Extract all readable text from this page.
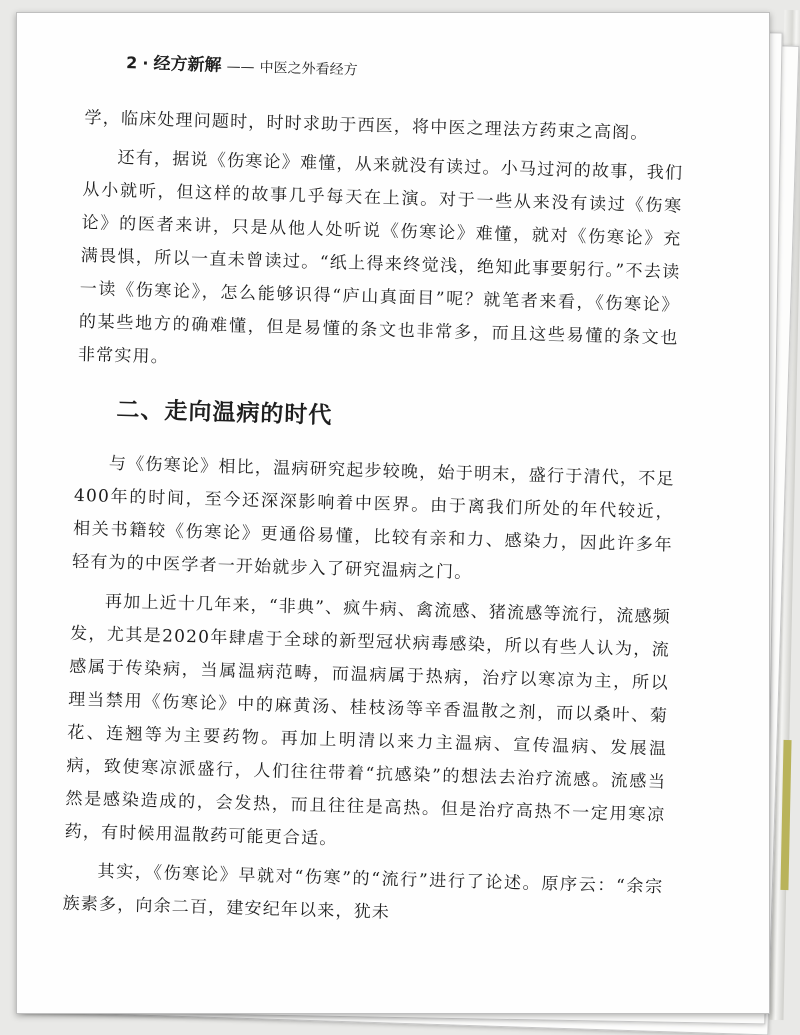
2 · 经方新解 —— 中医之外看经方

学，临床处理问题时，时时求助于西医，将中医之理法方药束之高阁。

还有，据说《伤寒论》难懂，从来就没有读过。小马过河的故事，我们从小就听，但这样的故事几乎每天在上演。对于一些从来没有读过《伤寒论》的医者来讲，只是从他人处听说《伤寒论》难懂，就对《伤寒论》充满畏惧，所以一直未曾读过。“纸上得来终觉浅，绝知此事要躬行。”不去读一读《伤寒论》，怎么能够识得“庐山真面目”呢？就笔者来看，《伤寒论》的某些地方的确难懂，但是易懂的条文也非常多，而且这些易懂的条文也非常实用。

二、走向温病的时代

与《伤寒论》相比，温病研究起步较晚，始于明末，盛行于清代，不足400年的时间，至今还深深影响着中医界。由于离我们所处的年代较近，相关书籍较《伤寒论》更通俗易懂，比较有亲和力、感染力，因此许多年轻有为的中医学者一开始就步入了研究温病之门。

再加上近十几年来，“非典”、疯牛病、禽流感、猪流感等流行，流感频发，尤其是2020年肆虐于全球的新型冠状病毒感染，所以有些人认为，流感属于传染病，当属温病范畴，而温病属于热病，治疗以寒凉为主，所以理当禁用《伤寒论》中的麻黄汤、桂枝汤等辛香温散之剂，而以桑叶、菊花、连翘等为主要药物。再加上明清以来力主温病、宣传温病、发展温病，致使寒凉派盛行，人们往往带着“抗感染”的想法去治疗流感。流感当然是感染造成的，会发热，而且往往是高热。但是治疗高热不一定用寒凉药，有时候用温散药可能更合适。

其实，《伤寒论》早就对“伤寒”的“流行”进行了论述。原序云：“余宗族素多，向余二百，建安纪年以来，犹未
